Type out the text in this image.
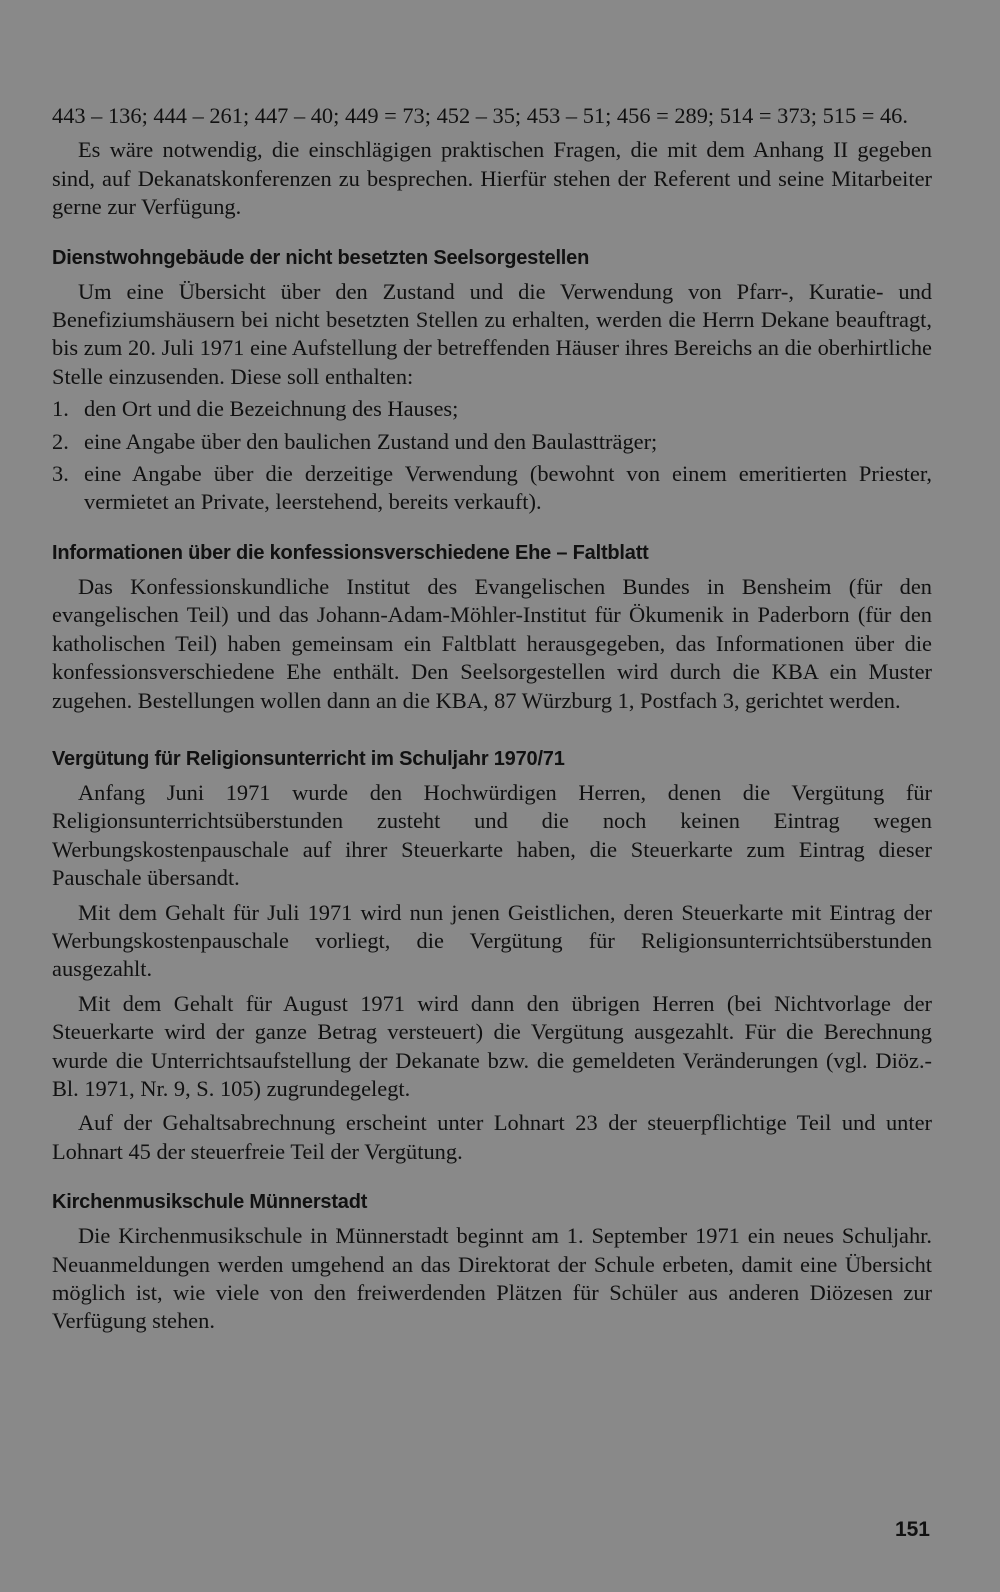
443 – 136; 444 – 261; 447 – 40; 449 = 73; 452 – 35; 453 – 51; 456 = 289; 514 = 373; 515 = 46.

Es wäre notwendig, die einschlägigen praktischen Fragen, die mit dem Anhang II gegeben sind, auf Dekanatskonferenzen zu besprechen. Hierfür stehen der Referent und seine Mitarbeiter gerne zur Verfügung.

Dienstwohngebäude der nicht besetzten Seelsorgestellen

Um eine Übersicht über den Zustand und die Verwendung von Pfarr-, Kuratie- und Benefiziumshäusern bei nicht besetzten Stellen zu erhalten, werden die Herrn Dekane beauftragt, bis zum 20. Juli 1971 eine Aufstellung der betreffenden Häuser ihres Bereichs an die oberhirtliche Stelle einzusenden. Diese soll enthalten:

1. den Ort und die Bezeichnung des Hauses;
2. eine Angabe über den baulichen Zustand und den Baulastträger;
3. eine Angabe über die derzeitige Verwendung (bewohnt von einem emeritierten Priester, vermietet an Private, leerstehend, bereits verkauft).
Informationen über die konfessionsverschiedene Ehe – Faltblatt

Das Konfessionskundliche Institut des Evangelischen Bundes in Bensheim (für den evangelischen Teil) und das Johann-Adam-Möhler-Institut für Ökumenik in Paderborn (für den katholischen Teil) haben gemeinsam ein Faltblatt herausgegeben, das Informationen über die konfessionsverschiedene Ehe enthält. Den Seelsorgestellen wird durch die KBA ein Muster zugehen. Bestellungen wollen dann an die KBA, 87 Würzburg 1, Postfach 3, gerichtet werden.

Vergütung für Religionsunterricht im Schuljahr 1970/71

Anfang Juni 1971 wurde den Hochwürdigen Herren, denen die Vergütung für Religionsunterrichtsüberstunden zusteht und die noch keinen Eintrag wegen Werbungskostenpauschale auf ihrer Steuerkarte haben, die Steuerkarte zum Eintrag dieser Pauschale übersandt.

Mit dem Gehalt für Juli 1971 wird nun jenen Geistlichen, deren Steuerkarte mit Eintrag der Werbungskostenpauschale vorliegt, die Vergütung für Religionsunterrichtsüberstunden ausgezahlt.

Mit dem Gehalt für August 1971 wird dann den übrigen Herren (bei Nichtvorlage der Steuerkarte wird der ganze Betrag versteuert) die Vergütung ausgezahlt. Für die Berechnung wurde die Unterrichtsaufstellung der Dekanate bzw. die gemeldeten Veränderungen (vgl. Diöz.-Bl. 1971, Nr. 9, S. 105) zugrundegelegt.

Auf der Gehaltsabrechnung erscheint unter Lohnart 23 der steuerpflichtige Teil und unter Lohnart 45 der steuerfreie Teil der Vergütung.

Kirchenmusikschule Münnerstadt

Die Kirchenmusikschule in Münnerstadt beginnt am 1. September 1971 ein neues Schuljahr. Neuanmeldungen werden umgehend an das Direktorat der Schule erbeten, damit eine Übersicht möglich ist, wie viele von den freiwerdenden Plätzen für Schüler aus anderen Diözesen zur Verfügung stehen.

151
